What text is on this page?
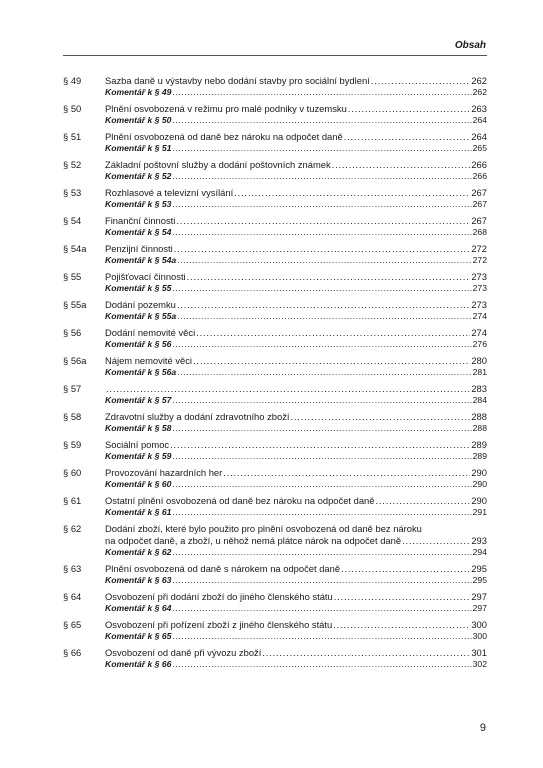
Obsah
§ 49	Sazba daně u výstavby nebo dodání stavby pro sociální bydlení . . .	262
Komentář k § 49 . . .	262
§ 50	Plnění osvobozená v režimu pro malé podniky v tuzemsku . . .	263
Komentář k § 50 . . .	264
§ 51	Plnění osvobozená od daně bez nároku na odpočet daně . . .	264
Komentář k § 51 . . .	265
§ 52	Základní poštovní služby a dodání poštovních známek . . .	266
Komentář k § 52 . . .	266
§ 53	Rozhlasové a televizní vysílání . . .	267
Komentář k § 53 . . .	267
§ 54	Finanční činnosti . . .	267
Komentář k § 54 . . .	268
§ 54a	Penzijní činnosti . . .	272
Komentář k § 54a . . .	272
§ 55	Pojišťovací činnosti . . .	273
Komentář k § 55 . . .	273
§ 55a	Dodání pozemku . . .	273
Komentář k § 55a . . .	274
§ 56	Dodání nemovité věci . . .	274
Komentář k § 56 . . .	276
§ 56a	Nájem nemovité věci . . .	280
Komentář k § 56a . . .	281
§ 57 . . .	283
Komentář k § 57 . . .	284
§ 58	Zdravotní služby a dodání zdravotního zboží . . .	288
Komentář k § 58 . . .	288
§ 59	Sociální pomoc . . .	289
Komentář k § 59 . . .	289
§ 60	Provozování hazardních her . . .	290
Komentář k § 60 . . .	290
§ 61	Ostatní plnění osvobozená od daně bez nároku na odpočet daně . . .	290
Komentář k § 61 . . .	291
§ 62	Dodání zboží, které bylo použito pro plnění osvobozená od daně bez nároku
na odpočet daně, a zboží, u něhož nemá plátce nárok na odpočet daně . . .	293
Komentář k § 62 . . .	294
§ 63	Plnění osvobozená od daně s nárokem na odpočet daně . . .	295
Komentář k § 63 . . .	295
§ 64	Osvobození při dodání zboží do jiného členského státu . . .	297
Komentář k § 64 . . .	297
§ 65	Osvobození při pořízení zboží z jiného členského státu . . .	300
Komentář k § 65 . . .	300
§ 66	Osvobození od daně při vývozu zboží . . .	301
Komentář k § 66 . . .	302
9
